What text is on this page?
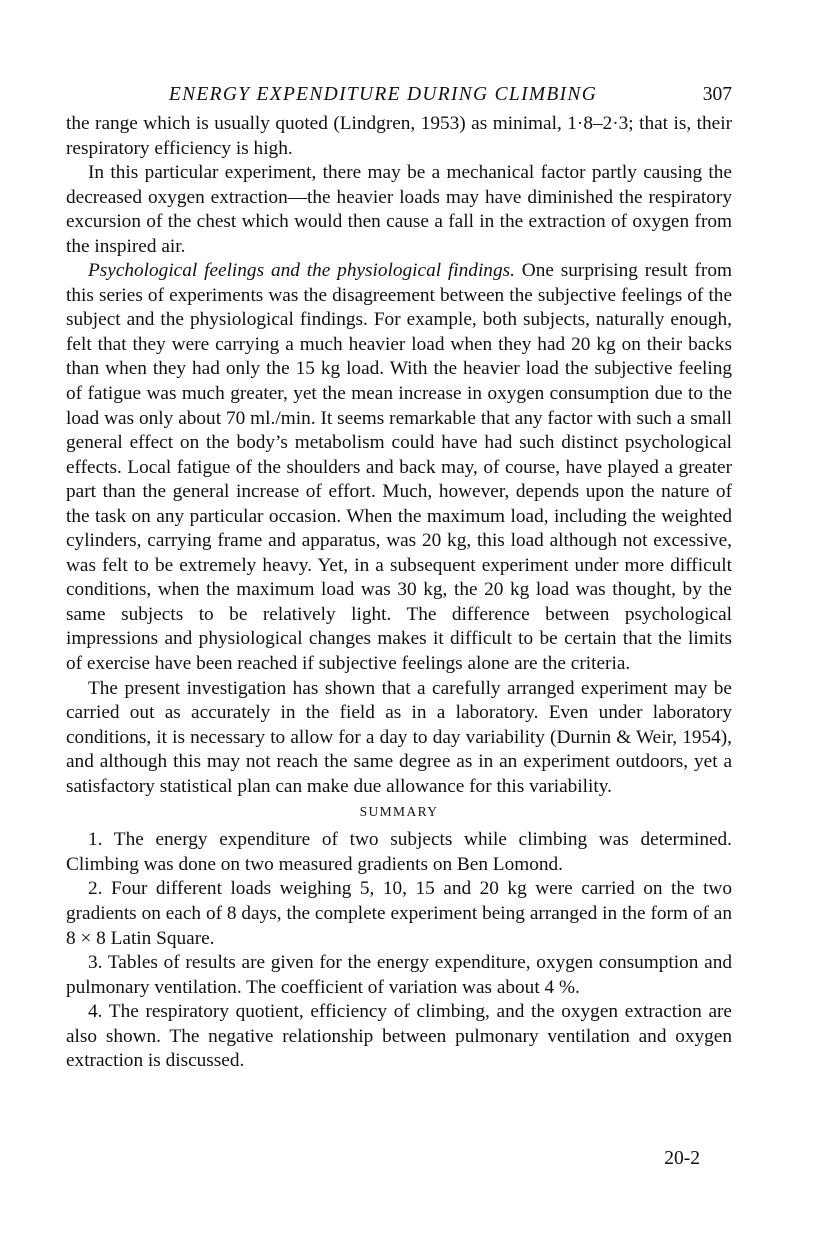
ENERGY EXPENDITURE DURING CLIMBING	307

the range which is usually quoted (Lindgren, 1953) as minimal, 1·8–2·3; that is, their respiratory efficiency is high.

In this particular experiment, there may be a mechanical factor partly causing the decreased oxygen extraction—the heavier loads may have diminished the respiratory excursion of the chest which would then cause a fall in the extraction of oxygen from the inspired air.

Psychological feelings and the physiological findings. One surprising result from this series of experiments was the disagreement between the subjective feelings of the subject and the physiological findings. For example, both subjects, naturally enough, felt that they were carrying a much heavier load when they had 20 kg on their backs than when they had only the 15 kg load. With the heavier load the subjective feeling of fatigue was much greater, yet the mean increase in oxygen consumption due to the load was only about 70 ml./min. It seems remarkable that any factor with such a small general effect on the body’s metabolism could have had such distinct psychological effects. Local fatigue of the shoulders and back may, of course, have played a greater part than the general increase of effort. Much, however, depends upon the nature of the task on any particular occasion. When the maximum load, including the weighted cylinders, carrying frame and apparatus, was 20 kg, this load although not excessive, was felt to be extremely heavy. Yet, in a subsequent experiment under more difficult conditions, when the maximum load was 30 kg, the 20 kg load was thought, by the same subjects to be relatively light. The difference between psychological impressions and physiological changes makes it difficult to be certain that the limits of exercise have been reached if subjective feelings alone are the criteria.

The present investigation has shown that a carefully arranged experiment may be carried out as accurately in the field as in a laboratory. Even under laboratory conditions, it is necessary to allow for a day to day variability (Durnin & Weir, 1954), and although this may not reach the same degree as in an experiment outdoors, yet a satisfactory statistical plan can make due allowance for this variability.

SUMMARY

1. The energy expenditure of two subjects while climbing was determined. Climbing was done on two measured gradients on Ben Lomond.

2. Four different loads weighing 5, 10, 15 and 20 kg were carried on the two gradients on each of 8 days, the complete experiment being arranged in the form of an 8 × 8 Latin Square.

3. Tables of results are given for the energy expenditure, oxygen consumption and pulmonary ventilation. The coefficient of variation was about 4 %.

4. The respiratory quotient, efficiency of climbing, and the oxygen extraction are also shown. The negative relationship between pulmonary ventilation and oxygen extraction is discussed.

20-2
